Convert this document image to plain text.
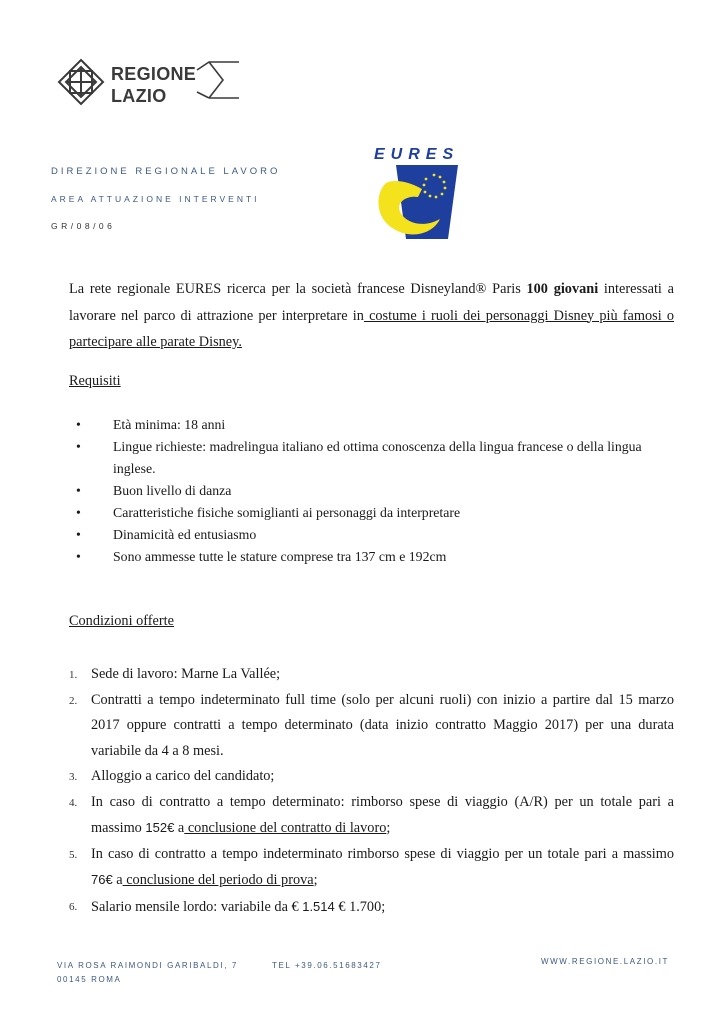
REGIONE
LAZIO
DIREZIONE REGIONALE LAVORO
AREA ATTUAZIONE INTERVENTI
GR/08/06
EURES
La rete regionale EURES ricerca per la società francese Disneyland® Paris 100 giovani interessati a lavorare nel parco di attrazione per interpretare in costume i ruoli dei personaggi Disney più famosi o partecipare alle parate Disney.
Requisiti
• Età minima: 18 anni
• Lingue richieste: madrelingua italiano ed ottima conoscenza della lingua francese o della lingua inglese.
• Buon livello di danza
• Caratteristiche fisiche somiglianti ai personaggi da interpretare
• Dinamicità ed entusiasmo
• Sono ammesse tutte le stature comprese tra 137 cm e 192cm
Condizioni offerte
1. Sede di lavoro: Marne La Vallée;
2. Contratti a tempo indeterminato full time (solo per alcuni ruoli) con inizio a partire dal 15 marzo 2017 oppure contratti a tempo determinato (data inizio contratto Maggio 2017) per una durata variabile da 4 a 8 mesi.
3. Alloggio a carico del candidato;
4. In caso di contratto a tempo determinato: rimborso spese di viaggio (A/R) per un totale pari a massimo 152€ a conclusione del contratto di lavoro;
5. In caso di contratto a tempo indeterminato rimborso spese di viaggio per un totale pari a massimo 76€ a conclusione del periodo di prova;
6. Salario mensile lordo: variabile da € 1.514 € 1.700;
VIA ROSA RAIMONDI GARIBALDI, 7
00145 ROMA
TEL +39.06.51683427	WWW.REGIONE.LAZIO.IT
